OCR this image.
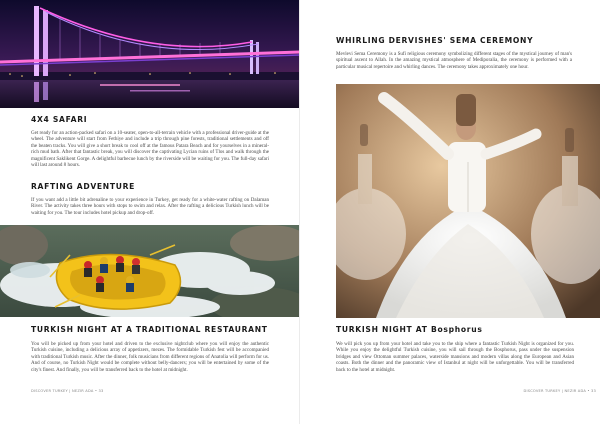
4X4 SAFARI
Get ready for an action-packed safari on a 10-seater, open-to-all-terrain vehicle with a professional driver-guide at the wheel. The adventure will start from Fethiye and include a trip through pine forests, traditional settlements and off the beaten tracks. You will give a short break to cool off at the famous Patara Beach and for yourselves in a mineral-rich mud bath. After that fantastic break, you will discover the captivating Lycian ruins of Tlos and walk through the magnificent Saklikent Gorge. A delightful barbecue lunch by the riverside will be waiting for you. The full-day safari will last around 8 hours.
RAFTING ADVENTURE
If you want add a little bit adrenaline to your experience in Turkey, get ready for a white-water rafting on Dalaman River. The activity takes three hours with stops to swim and relax. After the rafting a delicious Turkish lunch will be waiting for you. The tour includes hotel pickup and drop-off.
TURKISH NIGHT AT A TRADITIONAL RESTAURANT
You will be picked up from your hotel and driven to the exclusive nightclub where you will enjoy the authentic Turkish cuisine, including a delicious array of appetizers, mezes. The formidable Turkish fest will be accompanied with traditional Turkish music. After the dinner, folk musicians from different regions of Anatolia will perform for us. And of course, no Turkish Night would be complete without belly-dancers; you will be entertained by some of the city's finest. And finally, you will be transferred back to the hotel at midnight.
DISCOVER TURKEY | NEZIR ADA • 33
WHIRLING DERVISHES' SEMA CEREMONY
Mevlevi Sema Ceremony is a Sufi religious ceremony symbolizing different stages of the mystical journey of man's spiritual ascent to Allah. In the amazing mystical atmosphere of Mediporalia, the ceremony is performed with a particular musical repertoire and whirling dances. The ceremony takes approximately one hour.
TURKISH NIGHT AT Bosphorus
We will pick you up from your hotel and take you to the ship where a fantastic Turkish Night is organized for you. While you enjoy the delightful Turkish cuisine, you will sail through the Bosphorus, pass under the suspension bridges and view Ottoman summer palaces, waterside mansions and modern villas along the European and Asian coasts. Both the dinner and the panoramic view of Istanbul at night will be unforgettable. You will be transferred back to the hotel at midnight.
DISCOVER TURKEY | NEZIR ADA • 33
